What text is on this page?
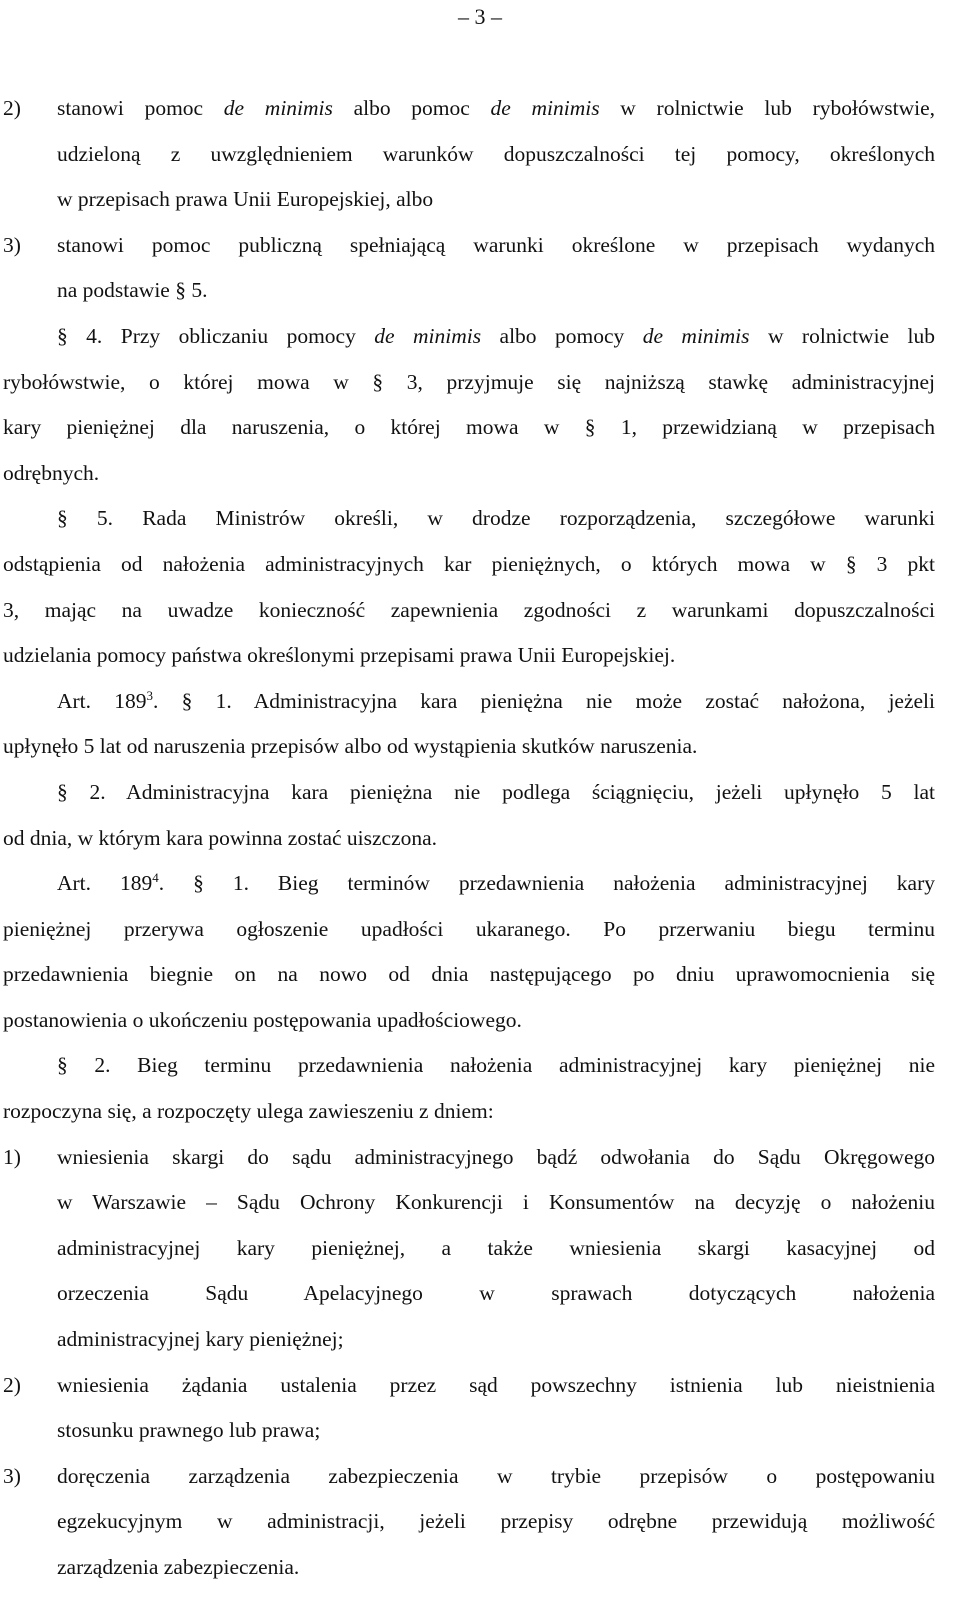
– 3 –
2)	stanowi pomoc de minimis albo pomoc de minimis w rolnictwie lub rybołówstwie,
udzieloną z uwzględnieniem warunków dopuszczalności tej pomocy, określonych
w przepisach prawa Unii Europejskiej, albo
3)	stanowi pomoc publiczną spełniającą warunki określone w przepisach wydanych
na podstawie § 5.
§ 4. Przy obliczaniu pomocy de minimis albo pomocy de minimis w rolnictwie lub
rybołówstwie, o której mowa w § 3, przyjmuje się najniższą stawkę administracyjnej
kary pieniężnej dla naruszenia, o której mowa w § 1, przewidzianą w przepisach
odrębnych.
§ 5. Rada Ministrów określi, w drodze rozporządzenia, szczegółowe warunki
odstąpienia od nałożenia administracyjnych kar pieniężnych, o których mowa w § 3 pkt
3, mając na uwadze konieczność zapewnienia zgodności z warunkami dopuszczalności
udzielania pomocy państwa określonymi przepisami prawa Unii Europejskiej.
Art. $189^3$. § 1. Administracyjna kara pieniężna nie może zostać nałożona, jeżeli
upłynęło 5 lat od naruszenia przepisów albo od wystąpienia skutków naruszenia.
§ 2. Administracyjna kara pieniężna nie podlega ściągnięciu, jeżeli upłynęło 5 lat
od dnia, w którym kara powinna zostać uiszczona.
Art. $189^4$. § 1. Bieg terminów przedawnienia nałożenia administracyjnej kary
pieniężnej przerywa ogłoszenie upadłości ukaranego. Po przerwaniu biegu terminu
przedawnienia biegnie on na nowo od dnia następującego po dniu uprawomocnienia się
postanowienia o ukończeniu postępowania upadłościowego.
§ 2. Bieg terminu przedawnienia nałożenia administracyjnej kary pieniężnej nie
rozpoczyna się, a rozpoczęty ulega zawieszeniu z dniem:
1)	wniesienia skargi do sądu administracyjnego bądź odwołania do Sądu Okręgowego
w Warszawie – Sądu Ochrony Konkurencji i Konsumentów na decyzję o nałożeniu
administracyjnej kary pieniężnej, a także wniesienia skargi kasacyjnej od
orzeczenia Sądu Apelacyjnego w sprawach dotyczących nałożenia
administracyjnej kary pieniężnej;
2)	wniesienia żądania ustalenia przez sąd powszechny istnienia lub nieistnienia
stosunku prawnego lub prawa;
3)	doręczenia zarządzenia zabezpieczenia w trybie przepisów o postępowaniu
egzekucyjnym w administracji, jeżeli przepisy odrębne przewidują możliwość
zarządzenia zabezpieczenia.
